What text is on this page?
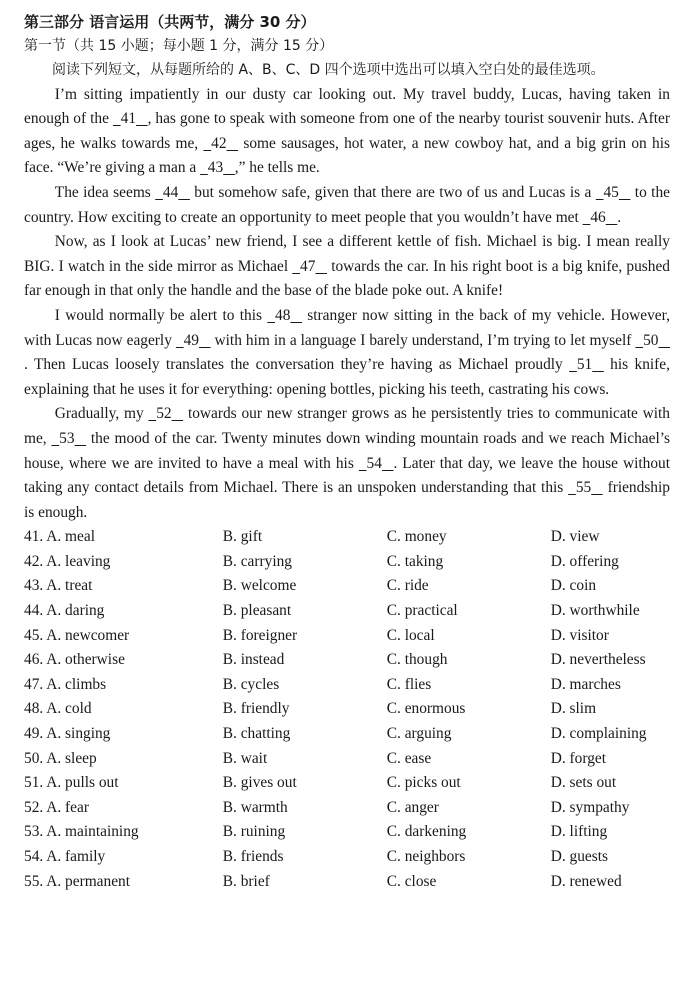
第三部分 语言运用（共两节，满分 30 分）
第一节（共 15 小题；每小题 1 分，满分 15 分）
阅读下列短文，从每题所给的 A、B、C、D 四个选项中选出可以填入空白处的最佳选项。

I’m sitting impatiently in our dusty car looking out. My travel buddy, Lucas, having taken in enough of the   41 , has gone to speak with someone from one of the nearby tourist souvenir huts. After ages, he walks towards me,   42    some sausages, hot water, a new cowboy hat, and a big grin on his face. “We’re giving a man a   43 ,” he tells me.

The idea seems   44    but somehow safe, given that there are two of us and Lucas is a   45    to the country. How exciting to create an opportunity to meet people that you wouldn’t have met   46 .

Now, as I look at Lucas’ new friend, I see a different kettle of fish. Michael is big. I mean really BIG. I watch in the side mirror as Michael   47    towards the car. In his right boot is a big knife, pushed far enough in that only the handle and the base of the blade poke out. A knife!

I would normally be alert to this   48    stranger now sitting in the back of my vehicle. However, with Lucas now eagerly   49    with him in a language I barely understand, I’m trying to let myself   50   . Then Lucas loosely translates the conversation they’re having as Michael proudly   51    his knife, explaining that he uses it for everything: opening bottles, picking his teeth, castrating his cows.

Gradually, my   52    towards our new stranger grows as he persistently tries to communicate with me,   53    the mood of the car. Twenty minutes down winding mountain roads and we reach Michael’s house, where we are invited to have a meal with his   54 . Later that day, we leave the house without taking any contact details from Michael. There is an unspoken understanding that this   55    friendship is enough.

41. A. meal	B. gift	C. money	D. view
42. A. leaving	B. carrying	C. taking	D. offering
43. A. treat	B. welcome	C. ride	D. coin
44. A. daring	B. pleasant	C. practical	D. worthwhile
45. A. newcomer	B. foreigner	C. local	D. visitor
46. A. otherwise	B. instead	C. though	D. nevertheless
47. A. climbs	B. cycles	C. flies	D. marches
48. A. cold	B. friendly	C. enormous	D. slim
49. A. singing	B. chatting	C. arguing	D. complaining
50. A. sleep	B. wait	C. ease	D. forget
51. A. pulls out	B. gives out	C. picks out	D. sets out
52. A. fear	B. warmth	C. anger	D. sympathy
53. A. maintaining	B. ruining	C. darkening	D. lifting
54. A. family	B. friends	C. neighbors	D. guests
55. A. permanent	B. brief	C. close	D. renewed
